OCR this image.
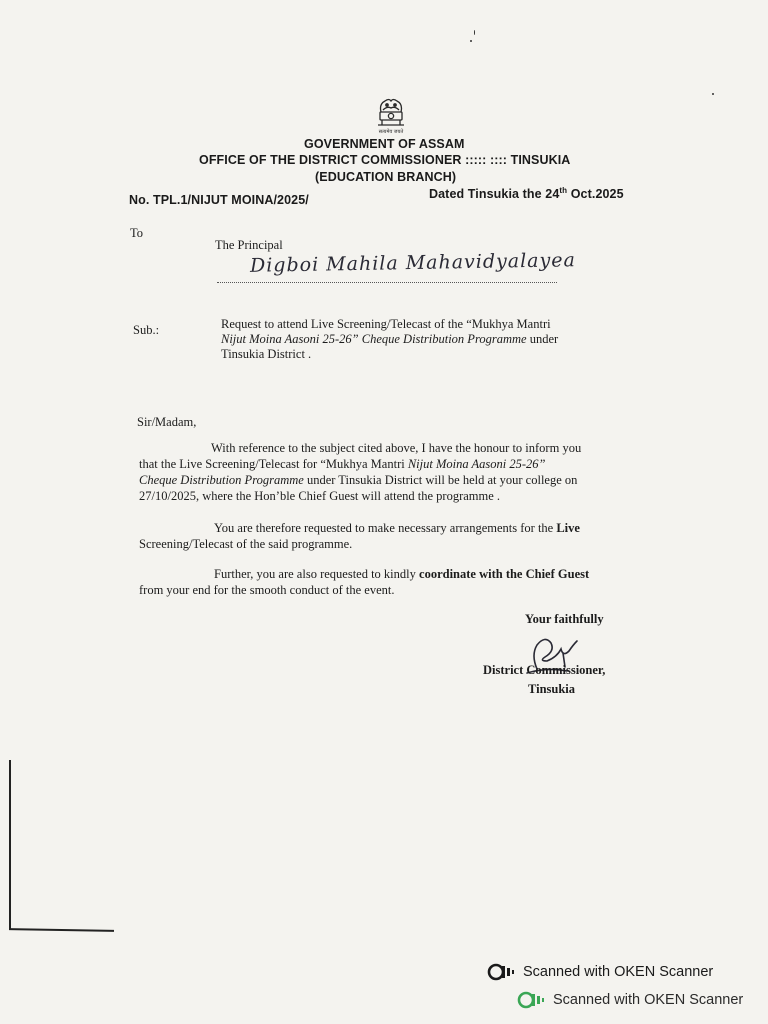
सत्यमेव जयते
GOVERNMENT OF ASSAM
OFFICE OF THE DISTRICT COMMISSIONER ::::: :::: TINSUKIA
(EDUCATION BRANCH)
No. TPL.1/NIJUT MOINA/2025/	Dated Tinsukia the 24th Oct.2025
To
The Principal
Digboi Mahila Mahavidyalayea
Sub.:	Request to attend Live Screening/Telecast of the “Mukhya Mantri
Nijut Moina Aasoni 25-26” Cheque Distribution Programme under
Tinsukia District .
Sir/Madam,
With reference to the subject cited above, I have the honour to inform you
that the Live Screening/Telecast for “Mukhya Mantri Nijut Moina Aasoni 25-26”
Cheque Distribution Programme under Tinsukia District will be held at your college on
27/10/2025, where the Hon’ble Chief Guest will attend the programme .
You are therefore requested to make necessary arrangements for the Live
Screening/Telecast of the said programme.
Further, you are also requested to kindly coordinate with the Chief Guest
from your end for the smooth conduct of the event.
Your faithfully
District Commissioner,
Tinsukia
Scanned with OKEN Scanner
Scanned with OKEN Scanner
